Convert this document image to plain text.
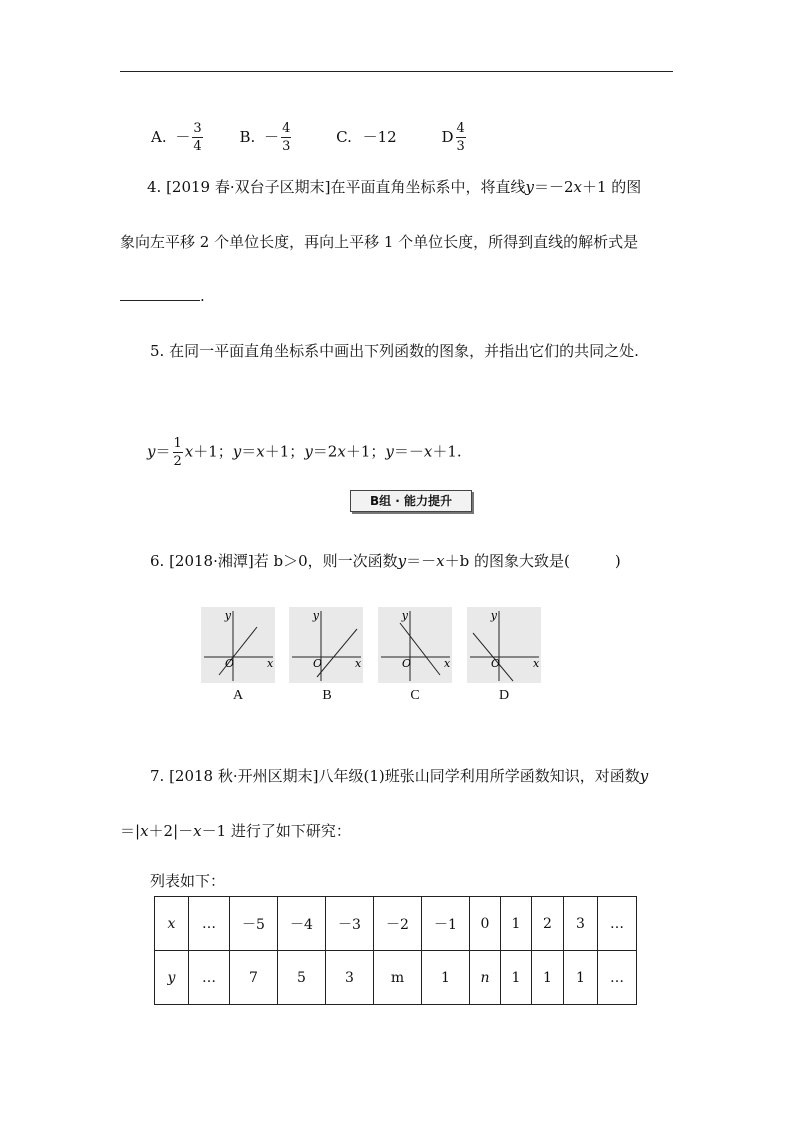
A. － $\frac{3}{4} B$. － $\frac{4}{3}$	C. －12	D $\frac{4}{3}$
4. [2019 春·双台子区期末]在平面直角坐标系中，将直线y＝－2x＋1 的图
象向左平移 2 个单位长度，再向上平移 1 个单位长度，所得到直线的解析式是
.
5. 在同一平面直角坐标系中画出下列函数的图象，并指出它们的共同之处.
$y= \frac{1}{2} x+1$；y＝x＋1；y＝2x＋1；y＝－x＋1.
B组 · 能力提升
6. [2018·湘潭]若 b＞0，则一次函数y＝－x＋b 的图象大致是(　　　)
y
x
O
A
y
x
O
B
y
x
O
C
y
x
O
D
7. [2018 秋·开州区期末]八年级(1)班张山同学利用所学函数知识，对函数y
＝|x＋2|－x－1 进行了如下研究：
列表如下：
x	…	－5	－4	－3	－2	－1	0	1	2	3	…
y	…	7	5	3	m	1	n	1	1	1	…
